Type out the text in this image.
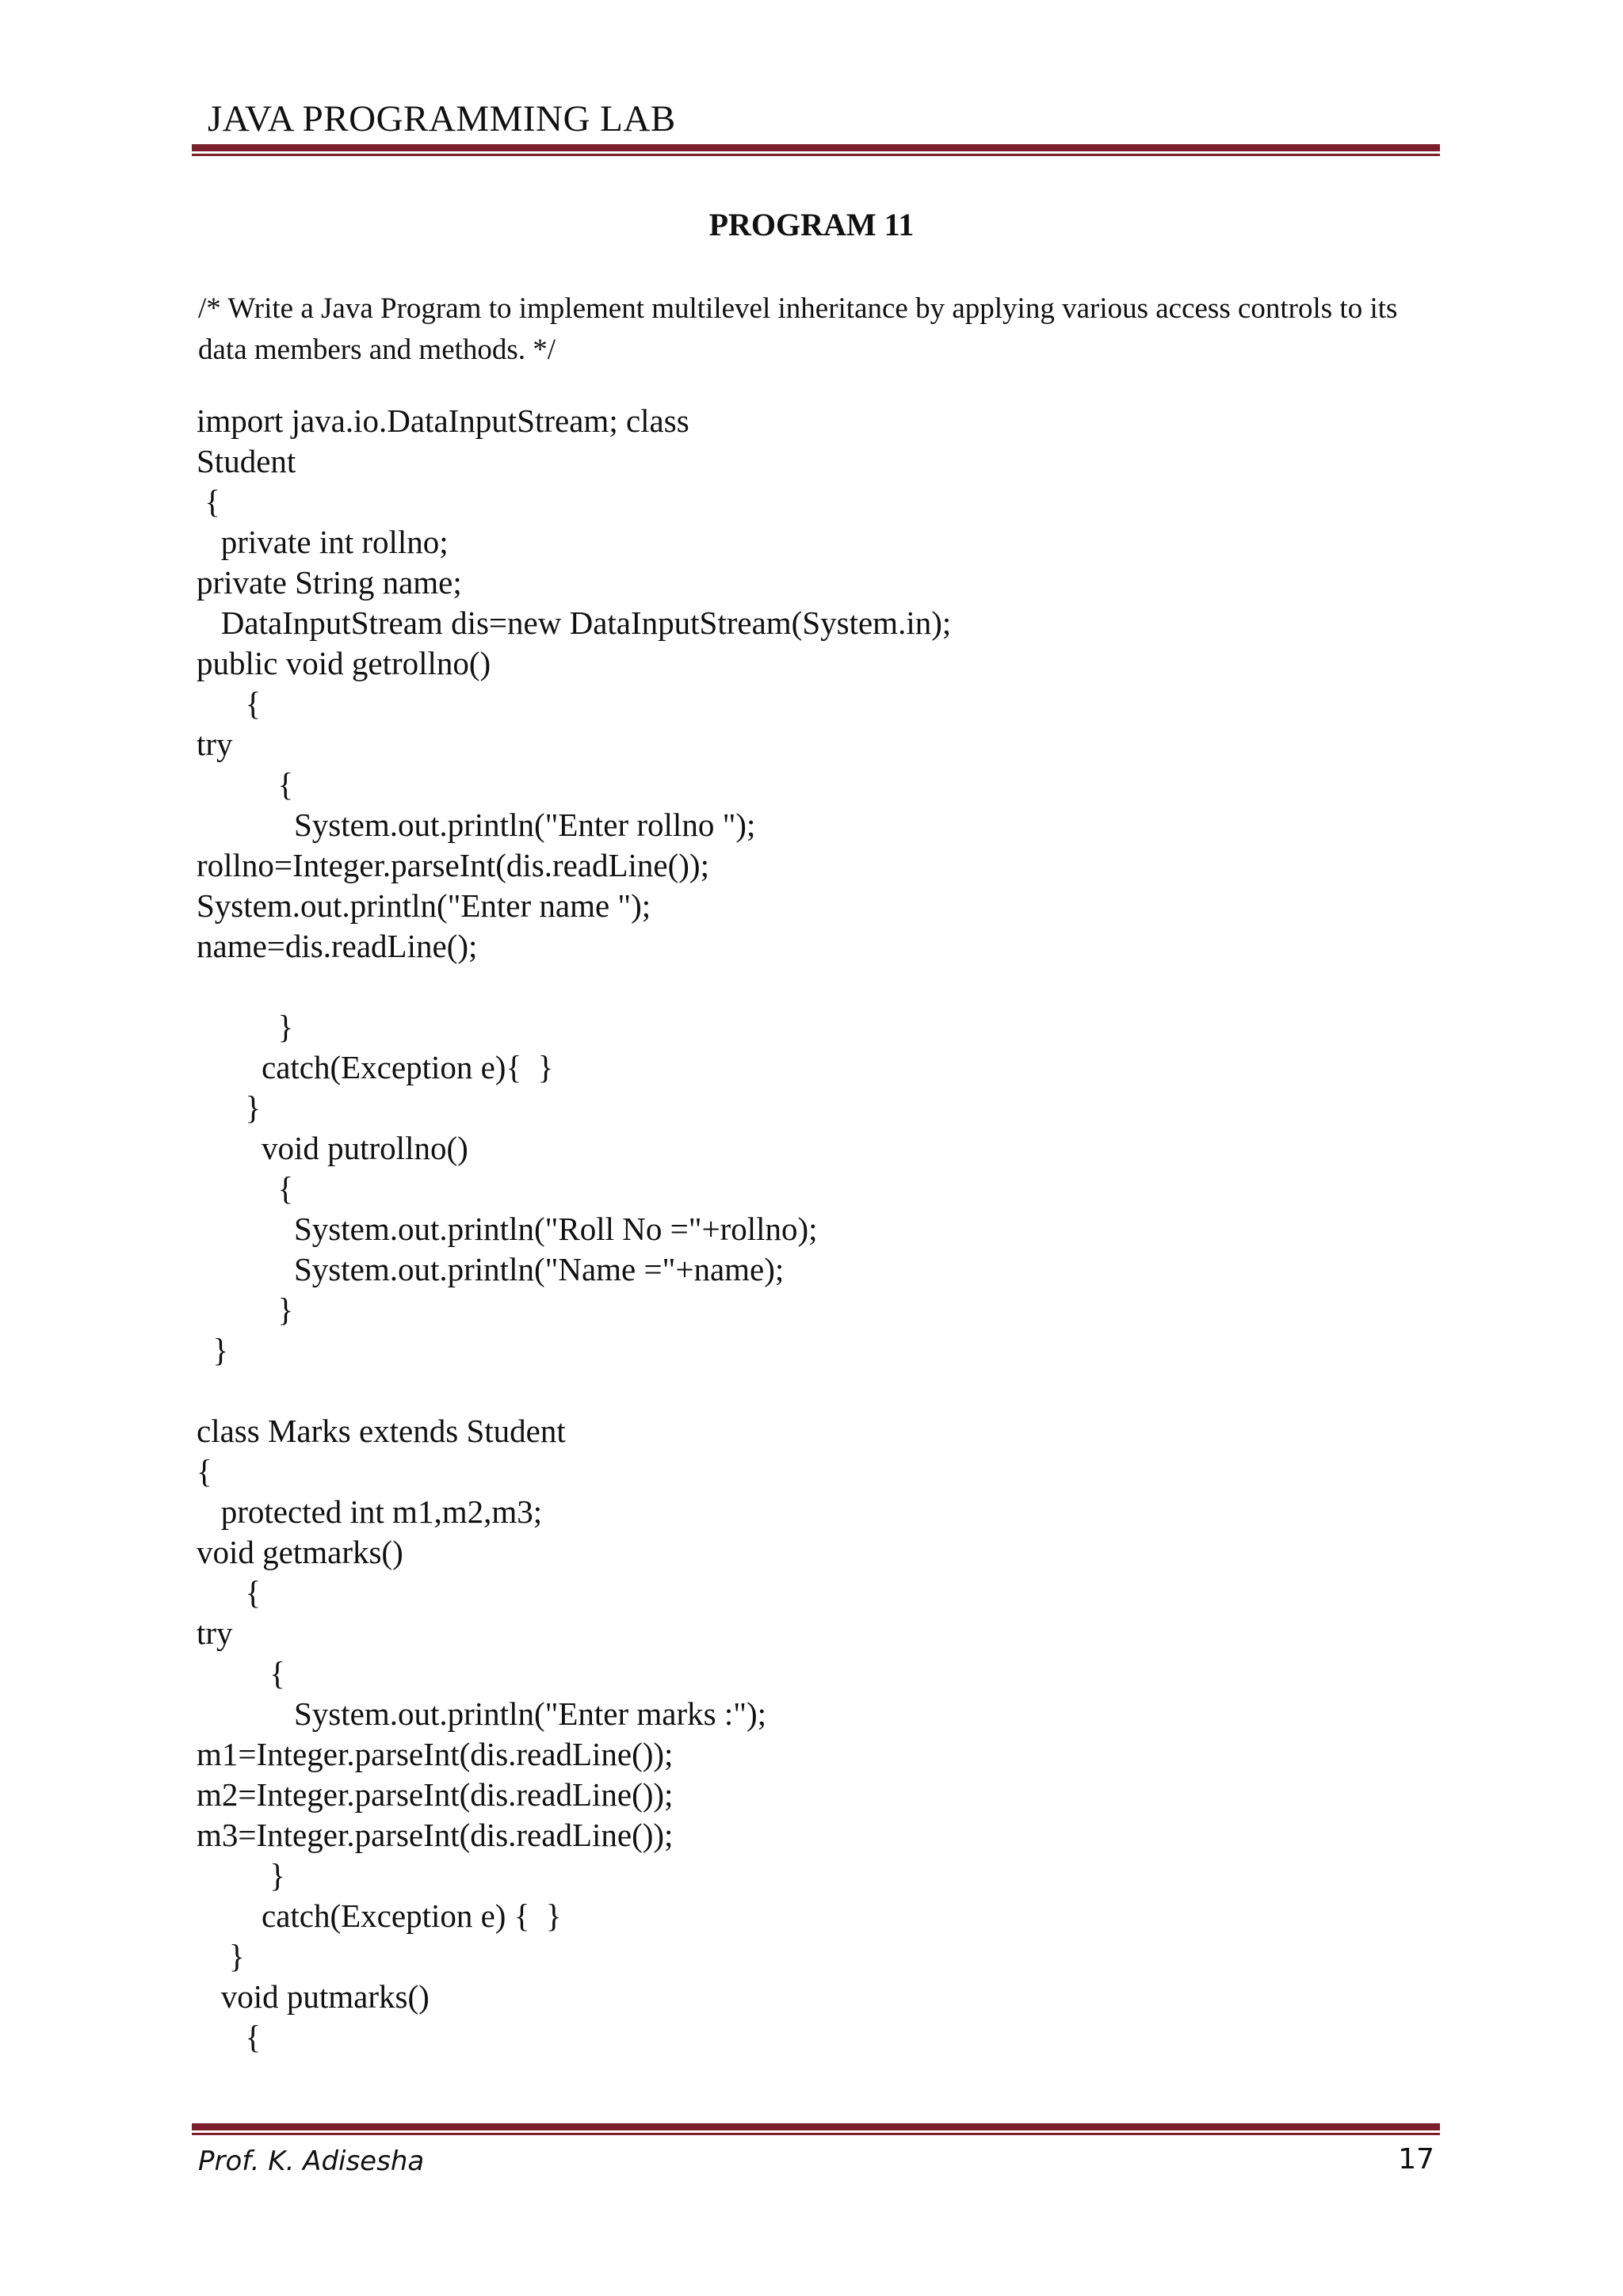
JAVA PROGRAMMING LAB
PROGRAM 11
/* Write a Java Program to implement multilevel inheritance by applying various access controls to its data members and methods. */
import java.io.DataInputStream; class
Student
{
private int rollno;
private String name;
DataInputStream dis=new DataInputStream(System.in);
public void getrollno()
{
try
{
System.out.println("Enter rollno ");
rollno=Integer.parseInt(dis.readLine());
System.out.println("Enter name ");
name=dis.readLine();
}
catch(Exception e){  }
}
void putrollno()
{
System.out.println("Roll No ="+rollno);
System.out.println("Name ="+name);
}
}
class Marks extends Student
{
protected int m1,m2,m3;
void getmarks()
{
try
{
System.out.println("Enter marks :");
m1=Integer.parseInt(dis.readLine());
m2=Integer.parseInt(dis.readLine());
m3=Integer.parseInt(dis.readLine());
}
catch(Exception e) {  }
}
void putmarks()
{
Prof. K. Adisesha	17
